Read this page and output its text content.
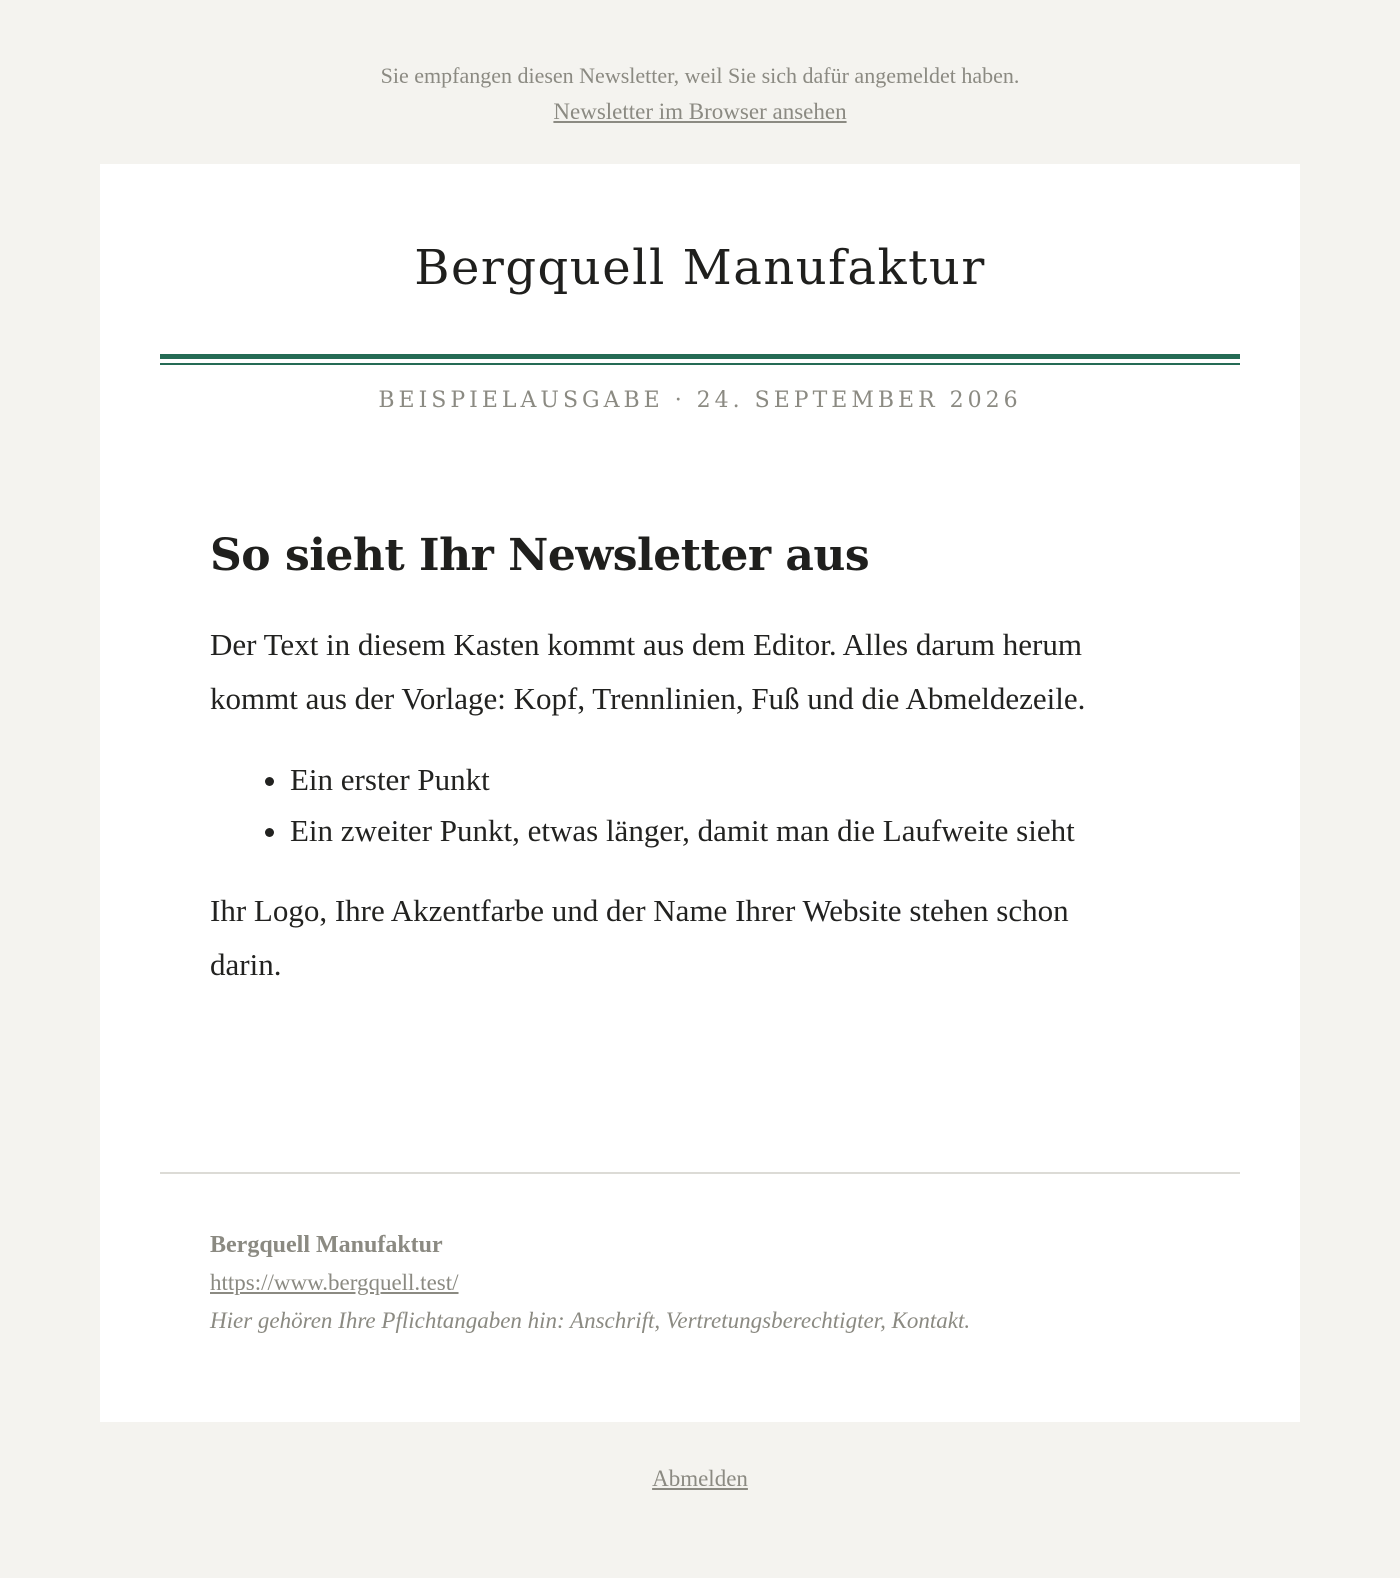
Sie empfangen diesen Newsletter, weil Sie sich dafür angemeldet haben.

Newsletter im Browser ansehen
Bergquell Manufaktur
BEISPIELAUSGABE · 24. SEPTEMBER 2026
So sieht Ihr Newsletter aus

Der Text in diesem Kasten kommt aus dem Editor. Alles darum herum kommt aus der Vorlage: Kopf, Trennlinien, Fuß und die Abmeldezeile.

• Ein erster Punkt
• Ein zweiter Punkt, etwas länger, damit man die Laufweite sieht

Ihr Logo, Ihre Akzentfarbe und der Name Ihrer Website stehen schon darin.

Bergquell Manufaktur
https://www.bergquell.test/
Hier gehören Ihre Pflichtangaben hin: Anschrift, Vertretungsberechtigter, Kontakt.
Abmelden
